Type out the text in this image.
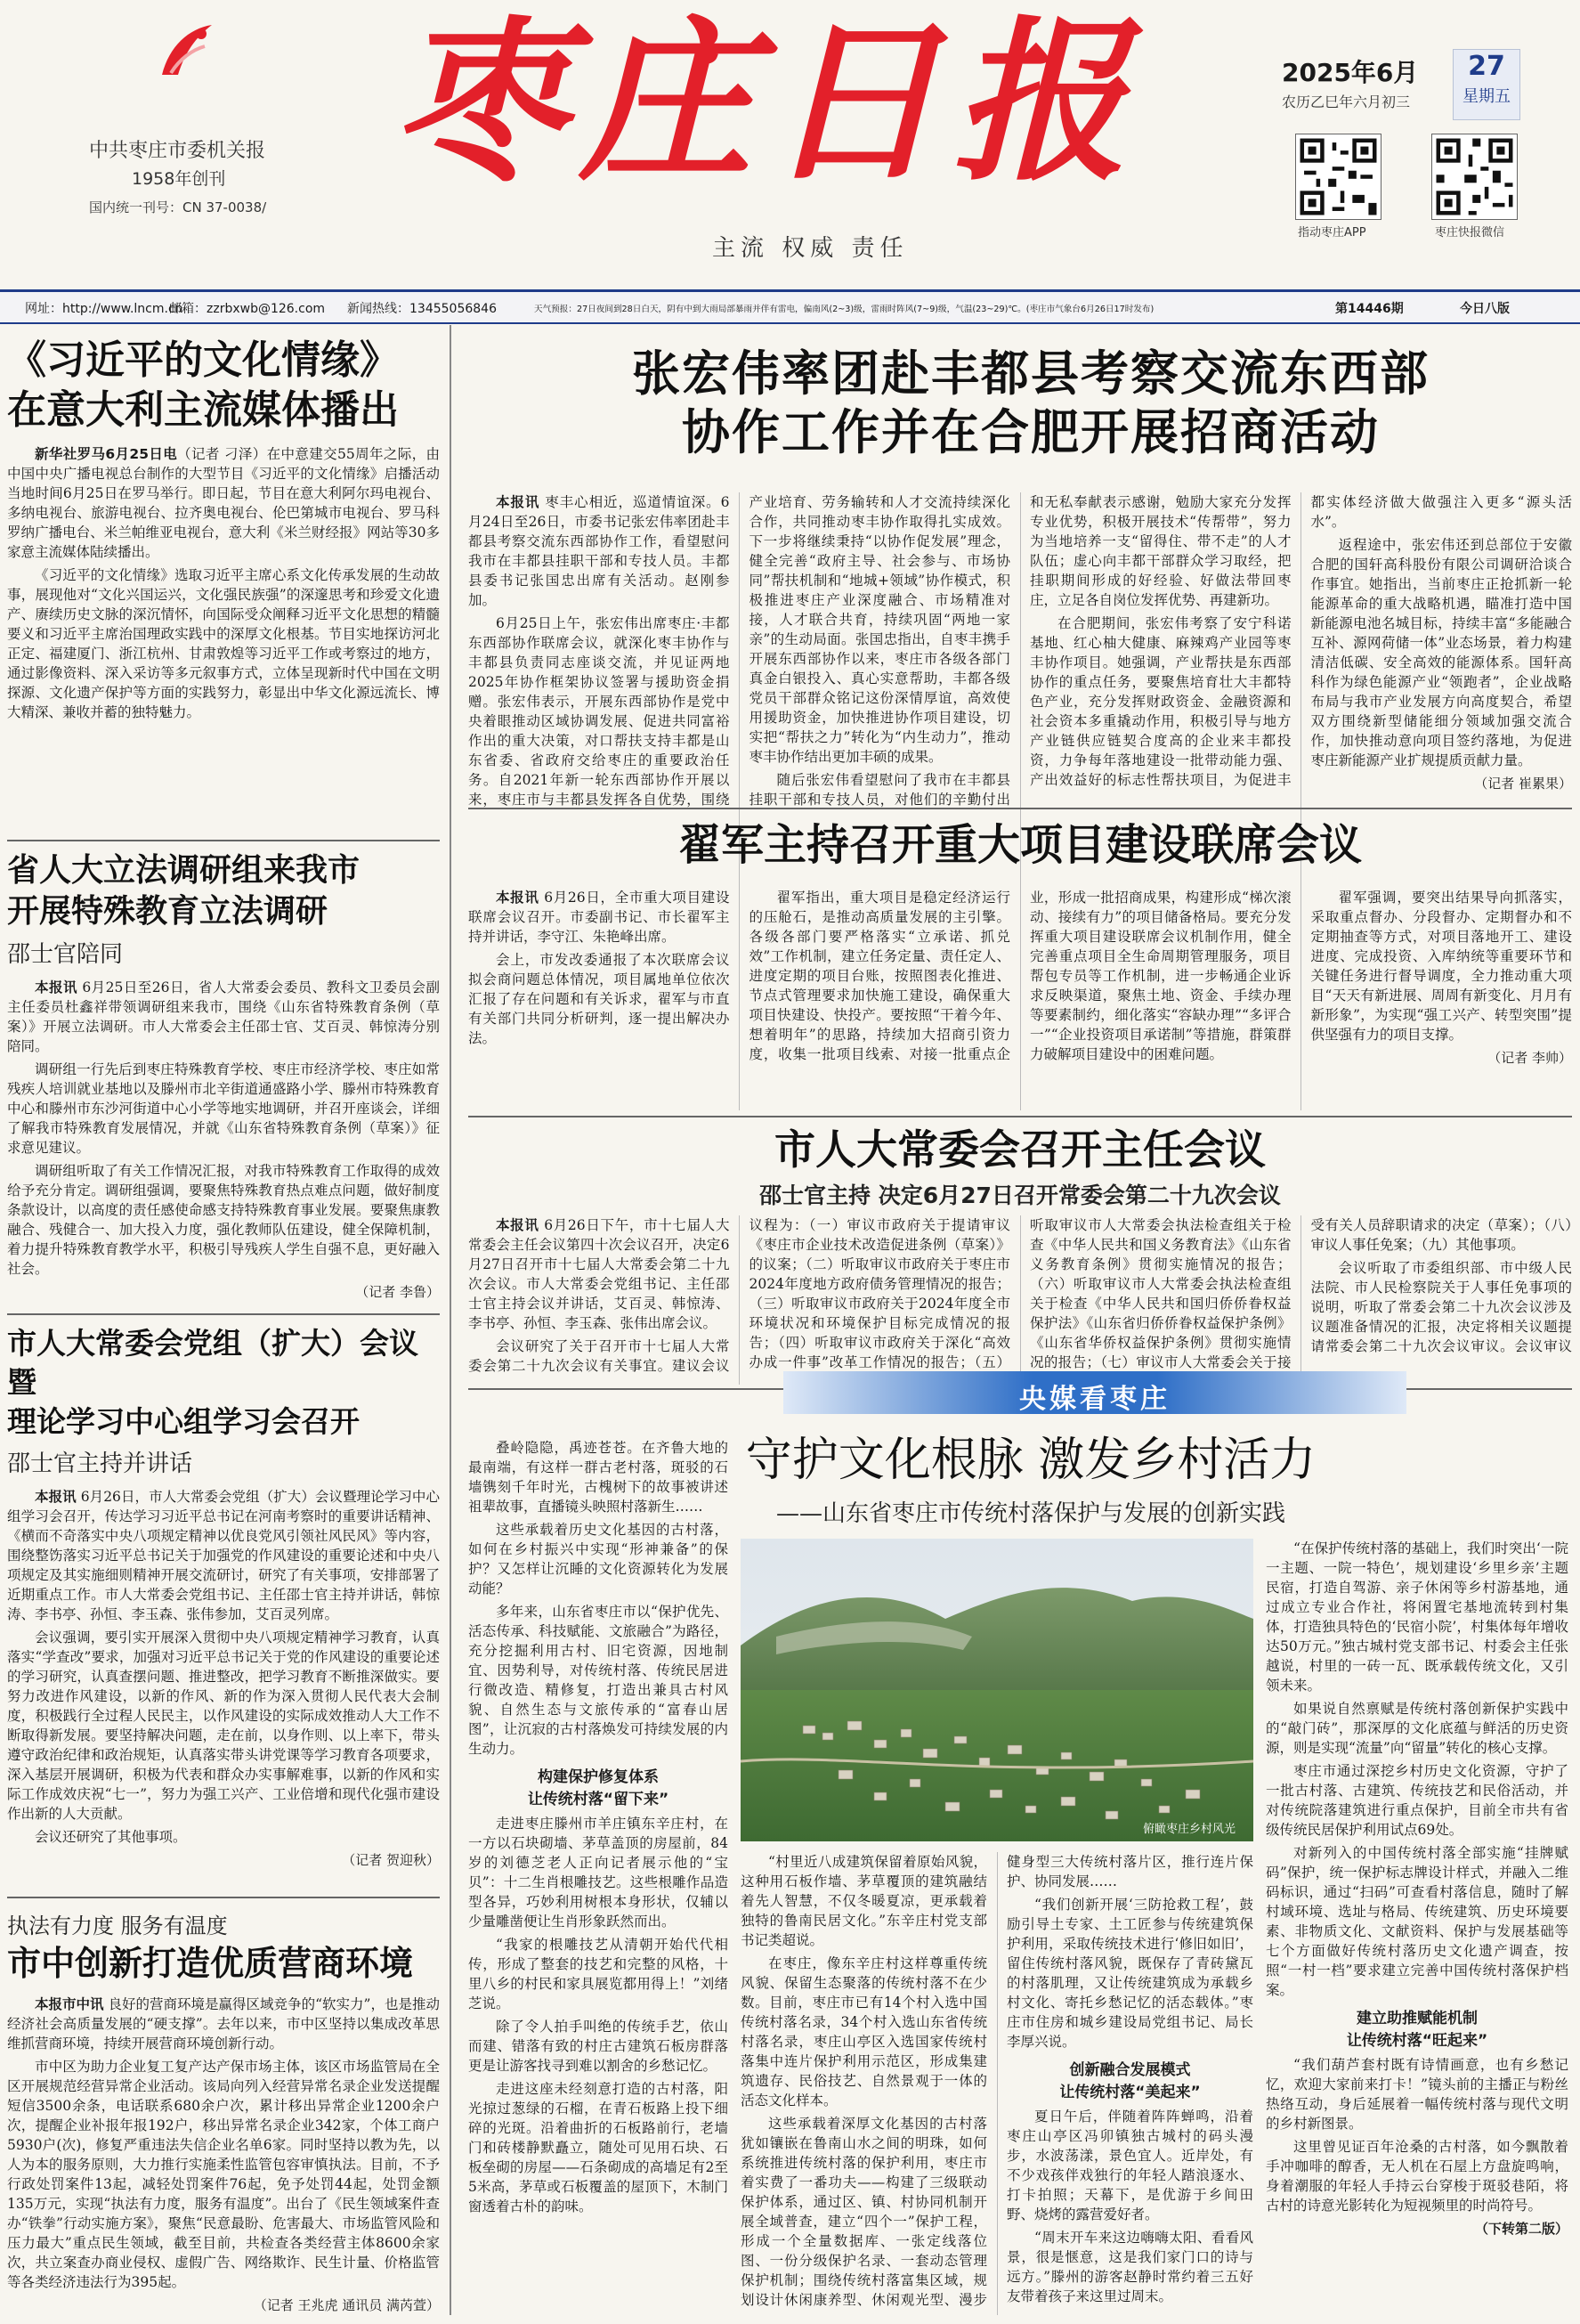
中共枣庄市委机关报
1958年创刊
国内统一刊号：CN 37-0038/
枣庄日报
主流 权威 责任
2025年6月
农历乙巳年六月初三
27
星期五
指动枣庄APP	枣庄快报微信
网址：http://www.lncm.cn
邮箱：zzrbxwb@126.com 新闻热线：13455056846	天气预报：27日夜间到28日白天，阴有中到大雨局部暴雨并伴有雷电，偏南风(2~3)级，雷雨时阵风(7~9)级，气温(23~29)℃。(枣庄市气象台6月26日17时发布)	第14446期	今日八版
《习近平的文化情缘》
在意大利主流媒体播出

新华社罗马6月25日电（记者 刁泽）在中意建交55周年之际，由中国中央广播电视总台制作的大型节目《习近平的文化情缘》启播活动当地时间6月25日在罗马举行。即日起，节目在意大利阿尔玛电视台、多纳电视台、旅游电视台、拉齐奥电视台、伦巴第城市电视台、罗马科罗纳广播电台、米兰帕维亚电视台，意大利《米兰财经报》网站等30多家意主流媒体陆续播出。

《习近平的文化情缘》选取习近平主席心系文化传承发展的生动故事，展现他对“文化兴国运兴，文化强民族强”的深邃思考和珍爱文化遗产、赓续历史文脉的深沉情怀，向国际受众阐释习近平文化思想的精髓要义和习近平主席治国理政实践中的深厚文化根基。节目实地探访河北正定、福建厦门、浙江杭州、甘肃敦煌等习近平工作或考察过的地方，通过影像资料、深入采访等多元叙事方式，立体呈现新时代中国在文明探源、文化遗产保护等方面的实践努力，彰显出中华文化源远流长、博大精深、兼收并蓄的独特魅力。

省人大立法调研组来我市
开展特殊教育立法调研

邵士官陪同

本报讯 6月25日至26日，省人大常委会委员、教科文卫委员会副主任委员杜鑫祥带领调研组来我市，围绕《山东省特殊教育条例（草案）》开展立法调研。市人大常委会主任邵士官、艾百灵、韩惊涛分别陪同。

调研组一行先后到枣庄特殊教育学校、枣庄市经济学校、枣庄如常残疾人培训就业基地以及滕州市北辛街道通盛路小学、滕州市特殊教育中心和滕州市东沙河街道中心小学等地实地调研，并召开座谈会，详细了解我市特殊教育发展情况，并就《山东省特殊教育条例（草案）》征求意见建议。

调研组听取了有关工作情况汇报，对我市特殊教育工作取得的成效给予充分肯定。调研组强调，要聚焦特殊教育热点难点问题，做好制度条款设计，以高度的责任感使命感支持特殊教育事业发展。要聚焦康教融合、残健合一、加大投入力度，强化教师队伍建设，健全保障机制，着力提升特殊教育教学水平，积极引导残疾人学生自强不息，更好融入社会。

（记者 李鲁）

市人大常委会党组（扩大）会议暨
理论学习中心组学习会召开

邵士官主持并讲话

本报讯 6月26日，市人大常委会党组（扩大）会议暨理论学习中心组学习会召开，传达学习习近平总书记在河南考察时的重要讲话精神、《横而不奇落实中央八项规定精神以优良党风引领社风民风》等内容，围绕整饬落实习近平总书记关于加强党的作风建设的重要论述和中央八项规定及其实施细则精神开展交流研讨，研究了有关事项，安排部署了近期重点工作。市人大常委会党组书记、主任邵士官主持并讲话，韩惊涛、李书亭、孙恒、李玉森、张伟参加，艾百灵列席。

会议强调，要引实开展深入贯彻中央八项规定精神学习教育，认真落实“学查改”要求，加强对习近平总书记关于党的作风建设的重要论述的学习研究，认真查摆问题、推进整改，把学习教育不断推深做实。要努力改进作风建设，以新的作风、新的作为深入贯彻人民代表大会制度，积极践行全过程人民民主，以作风建设的实际成效推动人大工作不断取得新发展。要坚持解决问题，走在前，以身作则、以上率下，带头遵守政治纪律和政治规矩，认真落实带头讲党课等学习教育各项要求，深入基层开展调研，积极为代表和群众办实事解难事，以新的作风和实际工作成效庆祝“七一”，努力为强工兴产、工业倍增和现代化强市建设作出新的人大贡献。

会议还研究了其他事项。

（记者 贺迎秋）

执法有力度 服务有温度

市中创新打造优质营商环境

本报市中讯 良好的营商环境是赢得区域竞争的“软实力”，也是推动经济社会高质量发展的“硬支撑”。去年以来，市中区坚持以集成改革思维抓营商环境，持续开展营商环境创新行动。

市中区为助力企业复工复产达产保市场主体，该区市场监管局在全区开展规范经营异常企业活动。该局向列入经营异常名录企业发送提醒短信3500余条，电话联系680余户次，累计移出异常企业1200余户次，提醒企业补报年报192户，移出异常名录企业342家，个体工商户5930户(次)，修复严重违法失信企业名单6家。同时坚持以教为先，以人为本的服务原则，大力推行实施柔性监管包容审慎执法。目前，不予行政处罚案件13起，减轻处罚案件76起，免予处罚44起，处罚金额135万元，实现“执法有力度，服务有温度”。出台了《民生领域案件查办“铁拳”行动实施方案》，聚焦“民意最盼、危害最大、市场监管风险和压力最大”重点民生领域，截至目前，共检查各类经营主体8600余家次，共立案查办商业侵权、虚假广告、网络欺诈、民生计量、价格监管等各类经济违法行为395起。

（记者 王兆虎 通讯员 满芮萱）

张宏伟率团赴丰都县考察交流东西部
协作工作并在合肥开展招商活动

本报讯 枣丰心相近，巡道情谊深。6月24日至26日，市委书记张宏伟率团赴丰都县考察交流东西部协作工作，看望慰问我市在丰都县挂职干部和专技人员。丰都县委书记张国忠出席有关活动。赵刚参加。

6月25日上午，张宏伟出席枣庄·丰都东西部协作联席会议，就深化枣丰协作与丰都县负责同志座谈交流，并见证两地2025年协作框架协议签署与援助资金捐赠。张宏伟表示，开展东西部协作是党中央着眼推动区域协调发展、促进共同富裕作出的重大决策，对口帮扶支持丰都是山东省委、省政府交给枣庄的重要政治任务。自2021年新一轮东西部协作开展以来，枣庄市与丰都县发挥各自优势，围绕产业培育、劳务输转和人才交流持续深化合作，共同推动枣丰协作取得扎实成效。下一步将继续秉持“以协作促发展”理念，健全完善“政府主导、社会参与、市场协同”帮扶机制和“地城+领域”协作模式，积极推进枣庄产业深度融合、市场精准对接，人才联合共育，持续巩固“两地一家亲”的生动局面。张国忠指出，自枣丰携手开展东西部协作以来，枣庄市各级各部门真金白银投入、真心实意帮助，丰都各级党员干部群众铭记这份深情厚谊，高效使用援助资金，加快推进协作项目建设，切实把“帮扶之力”转化为“内生动力”，推动枣丰协作结出更加丰硕的成果。

随后张宏伟看望慰问了我市在丰都县挂职干部和专技人员，对他们的辛勤付出和无私奉献表示感谢，勉励大家充分发挥专业优势，积极开展技术“传帮带”，努力为当地培养一支“留得住、带不走”的人才队伍；虚心向丰都干部群众学习取经，把挂职期间形成的好经验、好做法带回枣庄，立足各自岗位发挥优势、再建新功。

在合肥期间，张宏伟考察了安宁科诺基地、红心柚大健康、麻辣鸡产业园等枣丰协作项目。她强调，产业帮扶是东西部协作的重点任务，要聚焦培育壮大丰都特色产业，充分发挥财政资金、金融资源和社会资本多重撬动作用，积极引导与地方产业链供应链契合度高的企业来丰都投资，力争每年落地建设一批带动能力强、产出效益好的标志性帮扶项目，为促进丰都实体经济做大做强注入更多“源头活水”。

返程途中，张宏伟还到总部位于安徽合肥的国轩高科股份有限公司调研洽谈合作事宜。她指出，当前枣庄正抢抓新一轮能源革命的重大战略机遇，瞄准打造中国新能源电池名城目标，持续丰富“多能融合互补、源网荷储一体”业态场景，着力构建清洁低碳、安全高效的能源体系。国轩高科作为绿色能源产业“领跑者”，企业战略布局与我市产业发展方向高度契合，希望双方围绕新型储能细分领域加强交流合作，加快推动意向项目签约落地，为促进枣庄新能源产业扩规提质贡献力量。

（记者 崔累果）

翟军主持召开重大项目建设联席会议

本报讯 6月26日，全市重大项目建设联席会议召开。市委副书记、市长翟军主持并讲话，李守江、朱艳峰出席。

会上，市发改委通报了本次联席会议拟会商问题总体情况，项目属地单位依次汇报了存在问题和有关诉求，翟军与市直有关部门共同分析研判，逐一提出解决办法。

翟军指出，重大项目是稳定经济运行的压舱石，是推动高质量发展的主引擎。各级各部门要严格落实“立承诺、抓兑效”工作机制，建立任务定量、责任定人、进度定期的项目台账，按照图表化推进、节点式管理要求加快施工建设，确保重大项目快建设、快投产。要按照“干着今年、想着明年”的思路，持续加大招商引资力度，收集一批项目线索、对接一批重点企业，形成一批招商成果，构建形成“梯次滚动、接续有力”的项目储备格局。要充分发挥重大项目建设联席会议机制作用，健全完善重点项目全生命周期管理服务，项目帮包专员等工作机制，进一步畅通企业诉求反映渠道，聚焦土地、资金、手续办理等要素制约，细化落实“容缺办理”“多评合一”“企业投资项目承诺制”等措施，群策群力破解项目建设中的困难问题。

翟军强调，要突出结果导向抓落实，采取重点督办、分段督办、定期督办和不定期抽查等方式，对项目落地开工、建设进度、完成投资、入库纳统等重要环节和关键任务进行督导调度，全力推动重大项目“天天有新进展、周周有新变化、月月有新形象”，为实现“强工兴产、转型突围”提供坚强有力的项目支撑。

（记者 李帅）

市人大常委会召开主任会议

邵士官主持 决定6月27日召开常委会第二十九次会议

本报讯 6月26日下午，市十七届人大常委会主任会议第四十次会议召开，决定6月27日召开市十七届人大常委会第二十九次会议。市人大常委会党组书记、主任邵士官主持会议并讲话，艾百灵、韩惊涛、李书亭、孙恒、李玉森、张伟出席会议。

会议研究了关于召开市十七届人大常委会第二十九次会议有关事宜。建议会议议程为：（一）审议市政府关于提请审议《枣庄市企业技术改造促进条例（草案）》的议案；（二）听取审议市政府关于枣庄市2024年度地方政府债务管理情况的报告；（三）听取审议市政府关于2024年度全市环境状况和环境保护目标完成情况的报告；（四）听取审议市政府关于深化“高效办成一件事”改革工作情况的报告；（五）听取审议市人大常委会执法检查组关于检查《中华人民共和国义务教育法》《山东省义务教育条例》贯彻实施情况的报告；（六）听取审议市人大常委会执法检查组关于检查《中华人民共和国归侨侨眷权益保护法》《山东省归侨侨眷权益保护条例》《山东省华侨权益保护条例》贯彻实施情况的报告；（七）审议市人大常委会关于接受有关人员辞职请求的决定（草案）；（八）审议人事任免案；（九）其他事项。

会议听取了市委组织部、市中级人民法院、市人民检察院关于人事任免事项的说明，听取了常委会第二十九次会议涉及议题准备情况的汇报，决定将相关议题提请常委会第二十九次会议审议。会议审议

守护文化根脉 激发乡村活力

——山东省枣庄市传统村落保护与发展的创新实践

央媒看枣庄
俯瞰枣庄乡村风光

叠岭隐隐，禹迹苍苍。在齐鲁大地的最南端，有这样一群古老村落，斑驳的石墙镌刻千年时光，古槐树下的故事被讲述祖辈故事，直播镜头映照村落新生……

这些承载着历史文化基因的古村落，如何在乡村振兴中实现“形神兼备”的保护？又怎样让沉睡的文化资源转化为发展动能？

多年来，山东省枣庄市以“保护优先、活态传承、科技赋能、文旅融合”为路径，充分挖掘利用古村、旧宅资源，因地制宜、因势利导，对传统村落、传统民居进行微改造、精修复，打造出兼具古村风貌、自然生态与文旅传承的“富春山居图”，让沉寂的古村落焕发可持续发展的内生动力。

构建保护修复体系
让传统村落“留下来”

走进枣庄滕州市羊庄镇东辛庄村，在一方以石块砌墙、茅草盖顶的房屋前，84岁的刘德芝老人正向记者展示他的“宝贝”：十二生肖根雕技艺。这些根雕作品造型各异，巧妙利用树根本身形状，仅辅以少量雕凿便让生肖形象跃然而出。

“我家的根雕技艺从清朝开始代代相传，形成了整套的技艺和完整的风格，十里八乡的村民和家具展览都用得上！”刘绪芝说。

除了令人拍手叫绝的传统手艺，依山而建、错落有致的村庄古建筑石板房群落更是让游客找寻到难以割舍的乡愁记忆。

走进这座未经刻意打造的古村落，阳光掠过葱绿的石榴，在青石板路上投下细碎的光斑。沿着曲折的石板路前行，老墙门和砖楼静默矗立，随处可见用石块、石板垒砌的房屋——石条砌成的高墙足有2至5米高，茅草或石板覆盖的屋顶下，木制门窗透着古朴的韵味。

“村里近八成建筑保留着原始风貌，这种用石板作墙、茅草覆顶的建筑融结着先人智慧，不仅冬暖夏凉，更承载着独特的鲁南民居文化。”东辛庄村党支部书记类超说。

在枣庄，像东辛庄村这样尊重传统风貌、保留生态聚落的传统村落不在少数。目前，枣庄市已有14个村入选中国传统村落名录，34个村入选山东省传统村落名录，枣庄山亭区入选国家传统村落集中连片保护利用示范区，形成集建筑遗存、民俗技艺、自然景观于一体的活态文化样本。

这些承载着深厚文化基因的古村落犹如镶嵌在鲁南山水之间的明珠，如何系统推进传统村落的保护利用，枣庄市着实费了一番功夫——构建了三级联动保护体系，通过区、镇、村协同机制开展全域普查，建立“四个一”保护工程，形成一个全量数据库、一张定线落位图、一份分级保护名录、一套动态管理保护机制；围绕传统村落富集区域，规划设计休闲康养型、休闲观光型、漫步健身型三大传统村落片区，推行连片保护、协同发展……

“我们创新开展‘三防抢救工程’，鼓励引导土专家、土工匠参与传统建筑保护利用，采取传统技术进行‘修旧如旧’，留住传统村落风貌，既保存了青砖黛瓦的村落肌理，又让传统建筑成为承载乡村文化、寄托乡愁记忆的活态载体。”枣庄市住房和城乡建设局党组书记、局长李厚兴说。

创新融合发展模式
让传统村落“美起来”

夏日午后，伴随着阵阵蝉鸣，沿着枣庄山亭区冯卯镇独古城村的码头漫步，水波荡漾，景色宜人。近岸处，有不少戏孩伴戏独行的年轻人踏浪逐水、打卡拍照；天幕下，是优游于乡间田野、烧烤的露营爱好者。

“周末开车来这边嗨嗨太阳、看看风景，很是惬意，这是我们家门口的诗与远方。”滕州的游客赵静时常约着三五好友带着孩子来这里过周末。

“在保护传统村落的基础上，我们时突出‘一院一主题、一院一特色’，规划建设‘乡里乡亲’主题民宿，打造自驾游、亲子休闲等乡村游基地，通过成立专业合作社，将闲置宅基地流转到村集体，打造独具特色的‘民宿小院’，村集体每年增收达50万元。”独古城村党支部书记、村委会主任张越说，村里的一砖一瓦、既承载传统文化，又引领未来。

如果说自然禀赋是传统村落创新保护实践中的“敲门砖”，那深厚的文化底蕴与鲜活的历史资源，则是实现“流量”向“留量”转化的核心支撑。

枣庄市通过深挖乡村历史文化资源，守护了一批古村落、古建筑、传统技艺和民俗活动，并对传统院落建筑进行重点保护，目前全市共有省级传统民居保护利用试点69处。

对新列入的中国传统村落全部实施“挂牌赋码”保护，统一保护标志牌设计样式，并融入二维码标识，通过“扫码”可查看村落信息，随时了解村域环境、选址与格局、传统建筑、历史环境要素、非物质文化、文献资料、保护与发展基础等七个方面做好传统村落历史文化遗产调查，按照“一村一档”要求建立完善中国传统村落保护档案。

建立助推赋能机制
让传统村落“旺起来”

“我们葫芦套村既有诗情画意，也有乡愁记忆，欢迎大家前来打卡！”镜头前的主播正与粉丝热络互动，身后延展着一幅传统村落与现代文明的乡村新图景。

这里曾见证百年沧桑的古村落，如今飘散着手冲咖啡的醇香，无人机在石屋上方盘旋鸣响，身着潮服的年轻人手持云台穿梭于斑驳巷陌，将古村的诗意光影转化为短视频里的时尚符号。

（下转第二版）
